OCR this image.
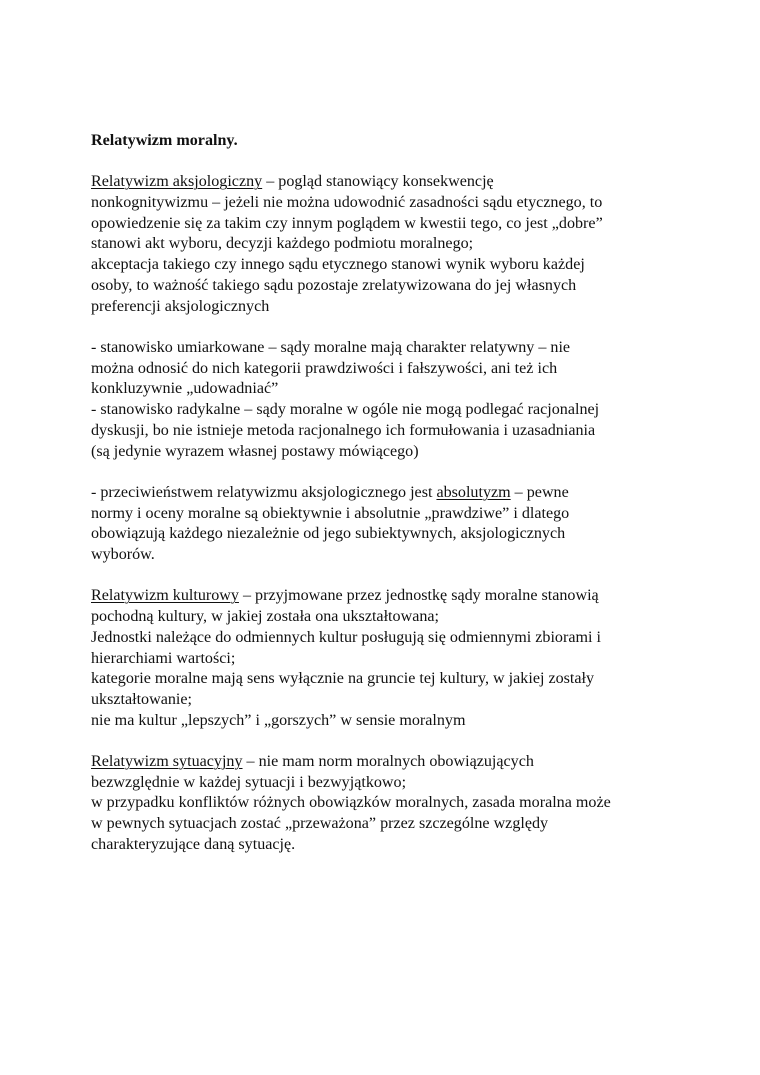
Relatywizm moralny.

Relatywizm aksjologiczny – pogląd stanowiący konsekwencję
nonkognitywizmu – jeżeli nie można udowodnić zasadności sądu etycznego, to
opowiedzenie się za takim czy innym poglądem w kwestii tego, co jest „dobre”
stanowi akt wyboru, decyzji każdego podmiotu moralnego;
akceptacja takiego czy innego sądu etycznego stanowi wynik wyboru każdej
osoby, to ważność takiego sądu pozostaje zrelatywizowana do jej własnych
preferencji aksjologicznych
- stanowisko umiarkowane – sądy moralne mają charakter relatywny – nie
można odnosić do nich kategorii prawdziwości i fałszywości, ani też ich
konkluzywnie „udowadniać”
- stanowisko radykalne – sądy moralne w ogóle nie mogą podlegać racjonalnej
dyskusji, bo nie istnieje metoda racjonalnego ich formułowania i uzasadniania
(są jedynie wyrazem własnej postawy mówiącego)
- przeciwieństwem relatywizmu aksjologicznego jest absolutyzm – pewne
normy i oceny moralne są obiektywnie i absolutnie „prawdziwe” i dlatego
obowiązują każdego niezależnie od jego subiektywnych, aksjologicznych
wyborów.
Relatywizm kulturowy – przyjmowane przez jednostkę sądy moralne stanowią
pochodną kultury, w jakiej została ona ukształtowana;
Jednostki należące do odmiennych kultur posługują się odmiennymi zbiorami i
hierarchiami wartości;
kategorie moralne mają sens wyłącznie na gruncie tej kultury, w jakiej zostały
ukształtowanie;
nie ma kultur „lepszych” i „gorszych” w sensie moralnym
Relatywizm sytuacyjny – nie mam norm moralnych obowiązujących
bezwzględnie w każdej sytuacji i bezwyjątkowo;
w przypadku konfliktów różnych obowiązków moralnych, zasada moralna może
w pewnych sytuacjach zostać „przeważona” przez szczególne względy
charakteryzujące daną sytuację.
